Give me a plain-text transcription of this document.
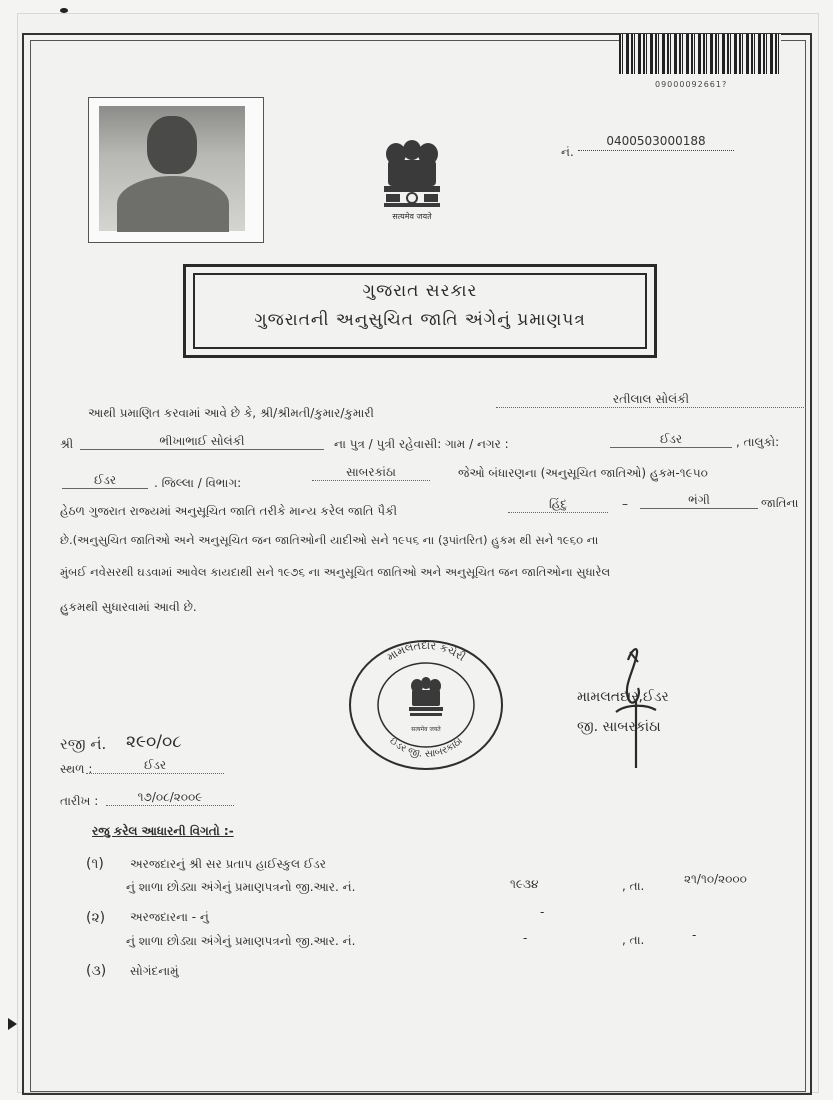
09000092661?
सत्यमेव जयते
નં.
0400503000188
ગુજરાત સરકાર
ગુજરાતની અનુસુચિત જાતિ અંગેનું પ્રમાણપત્ર
આથી પ્રમાણિત કરવામાં આવે છે કે, શ્રી/શ્રીમતી/કુમાર/કુમારી
રતીલાલ સોલંકી
શ્રી	ભીખાભાઈ સોલંકી	ના પુત્ર / પુત્રી રહેવાસી: ગામ / નગર :	ઈડર	, તાલુકો:
ઈડર	. જિલ્લા / વિભાગ:
સાબરકાંઠા	જેઓ બંધારણના (અનુસૂચિત જાતિઓ) હુકમ-૧૯૫૦
હેઠળ ગુજરાત રાજ્યમાં અનુસૂચિત જાતિ તરીકે માન્ય કરેલ જાતિ પૈકી	હિંદુ	–	ભંગી	જાતિના
છે.(અનુસુચિત જાતિઓ અને અનુસૂચિત જન જાતિઓની યાદીઓ સને ૧૯૫૬ ના (રૂપાંતરિત) હુકમ થી સને ૧૯૬૦ ના
મુંબઈ નવેસરથી ઘડવામાં આવેલ કાયદાથી સને ૧૯૭૬ ના અનુસૂચિત જાતિઓ અને અનુસૂચિત જન જાતિઓના સુધારેલ
હુકમથી સુધારવામાં આવી છે.
મામલતદાર કચેરી
ઈડર જી. સાબરકાંઠા
सत्यमेव जयते
મામલતદાર,ઈડર
જી. સાબરકાંઠા
રજી નં. ૨૯૦/૦૮
સ્થળ :	ઈડર
તારીખ :	૧૭/૦૮/૨૦૦૯
રજુ કરેલ આધારની વિગતો :-
(૧) અરજદારનું શ્રી સર પ્રતાપ હાઈસ્કુલ ઈડર
નું શાળા છોડ્યા અંગેનું પ્રમાણપત્રનો જી.આર. નં.	૧૯૩૪	, તા.	૨૧/૧૦/૨૦૦૦
(૨) અરજદારના - નું	-
નું શાળા છોડ્યા અંગેનું પ્રમાણપત્રનો જી.આર. નં.	-	, તા.	-
(૩) સોગંદનામું
